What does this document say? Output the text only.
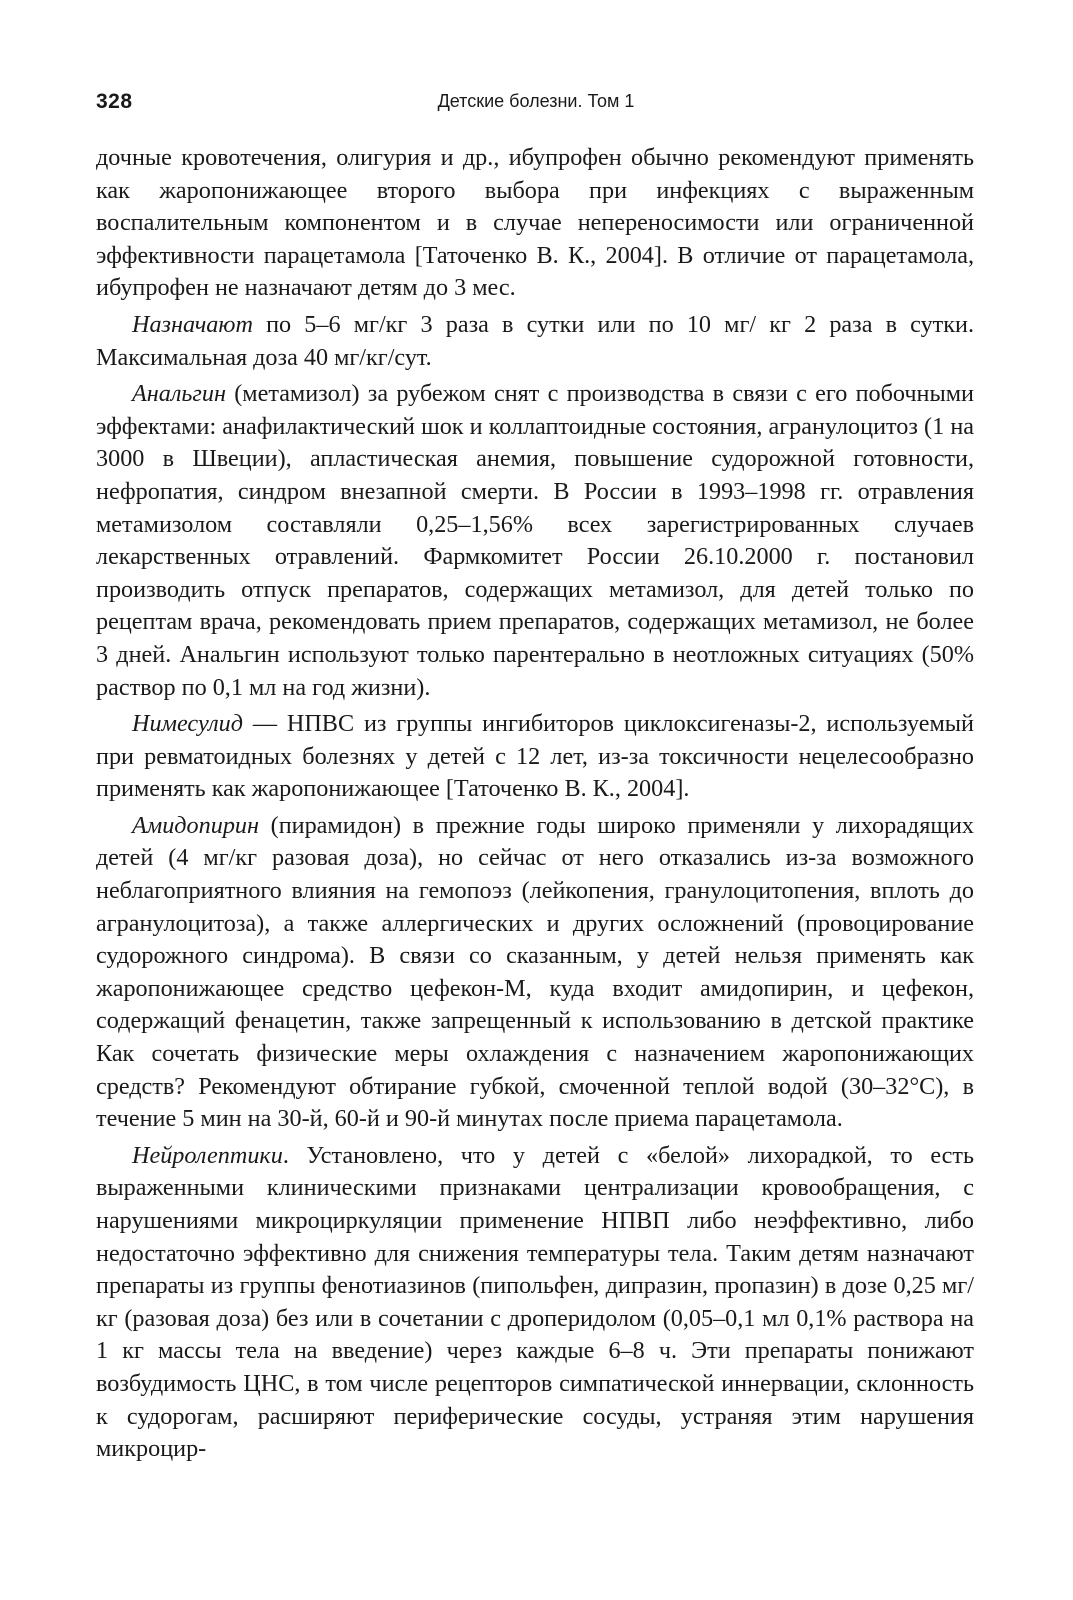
328	Детские болезни. Том 1

дочные кровотечения, олигурия и др., ибупрофен обычно рекомендуют применять как жаропонижающее второго выбора при инфекциях с выраженным воспалительным компонентом и в случае непереносимости или ограниченной эффективности парацетамола [Таточенко В. К., 2004]. В отличие от парацетамола, ибупрофен не назначают детям до 3 мес.

Назначают по 5–6 мг/кг 3 раза в сутки или по 10 мг/ кг 2 раза в сутки. Максимальная доза 40 мг/кг/сут.

Анальгин (метамизол) за рубежом снят с производства в связи с его побочными эффектами: анафилактический шок и коллаптоидные состояния, агранулоцитоз (1 на 3000 в Швеции), апластическая анемия, повышение судорожной готовности, нефропатия, синдром внезапной смерти. В России в 1993–1998 гг. отравления метамизолом составляли 0,25–1,56% всех зарегистрированных случаев лекарственных отравлений. Фармкомитет России 26.10.2000 г. постановил производить отпуск препаратов, содержащих метамизол, для детей только по рецептам врача, рекомендовать прием препаратов, содержащих метамизол, не более 3 дней. Анальгин используют только парентерально в неотложных ситуациях (50% раствор по 0,1 мл на год жизни).

Нимесулид — НПВС из группы ингибиторов циклоксигеназы-2, используемый при ревматоидных болезнях у детей с 12 лет, из-за токсичности нецелесообразно применять как жаропонижающее [Таточенко В. К., 2004].

Амидопирин (пирамидон) в прежние годы широко применяли у лихорадящих детей (4 мг/кг разовая доза), но сейчас от него отказались из-за возможного неблагоприятного влияния на гемопоэз (лейкопения, гранулоцитопения, вплоть до агранулоцитоза), а также аллергических и других осложнений (провоцирование судорожного синдрома). В связи со сказанным, у детей нельзя применять как жаропонижающее средство цефекон-М, куда входит амидопирин, и цефекон, содержащий фенацетин, также запрещенный к использованию в детской практике Как сочетать физические меры охлаждения с назначением жаропонижающих средств? Рекомендуют обтирание губкой, смоченной теплой водой (30–32°С), в течение 5 мин на 30-й, 60-й и 90-й минутах после приема парацетамола.

Нейролептики. Установлено, что у детей с «белой» лихорадкой, то есть выраженными клиническими признаками централизации кровообращения, с нарушениями микроциркуляции применение НПВП либо неэффективно, либо недостаточно эффективно для снижения температуры тела. Таким детям назначают препараты из группы фенотиазинов (пипольфен, дипразин, пропазин) в дозе 0,25 мг/кг (разовая доза) без или в сочетании с дроперидолом (0,05–0,1 мл 0,1% раствора на 1 кг массы тела на введение) через каждые 6–8 ч. Эти препараты понижают возбудимость ЦНС, в том числе рецепторов симпатической иннервации, склонность к судорогам, расширяют периферические сосуды, устраняя этим нарушения микроцир-
